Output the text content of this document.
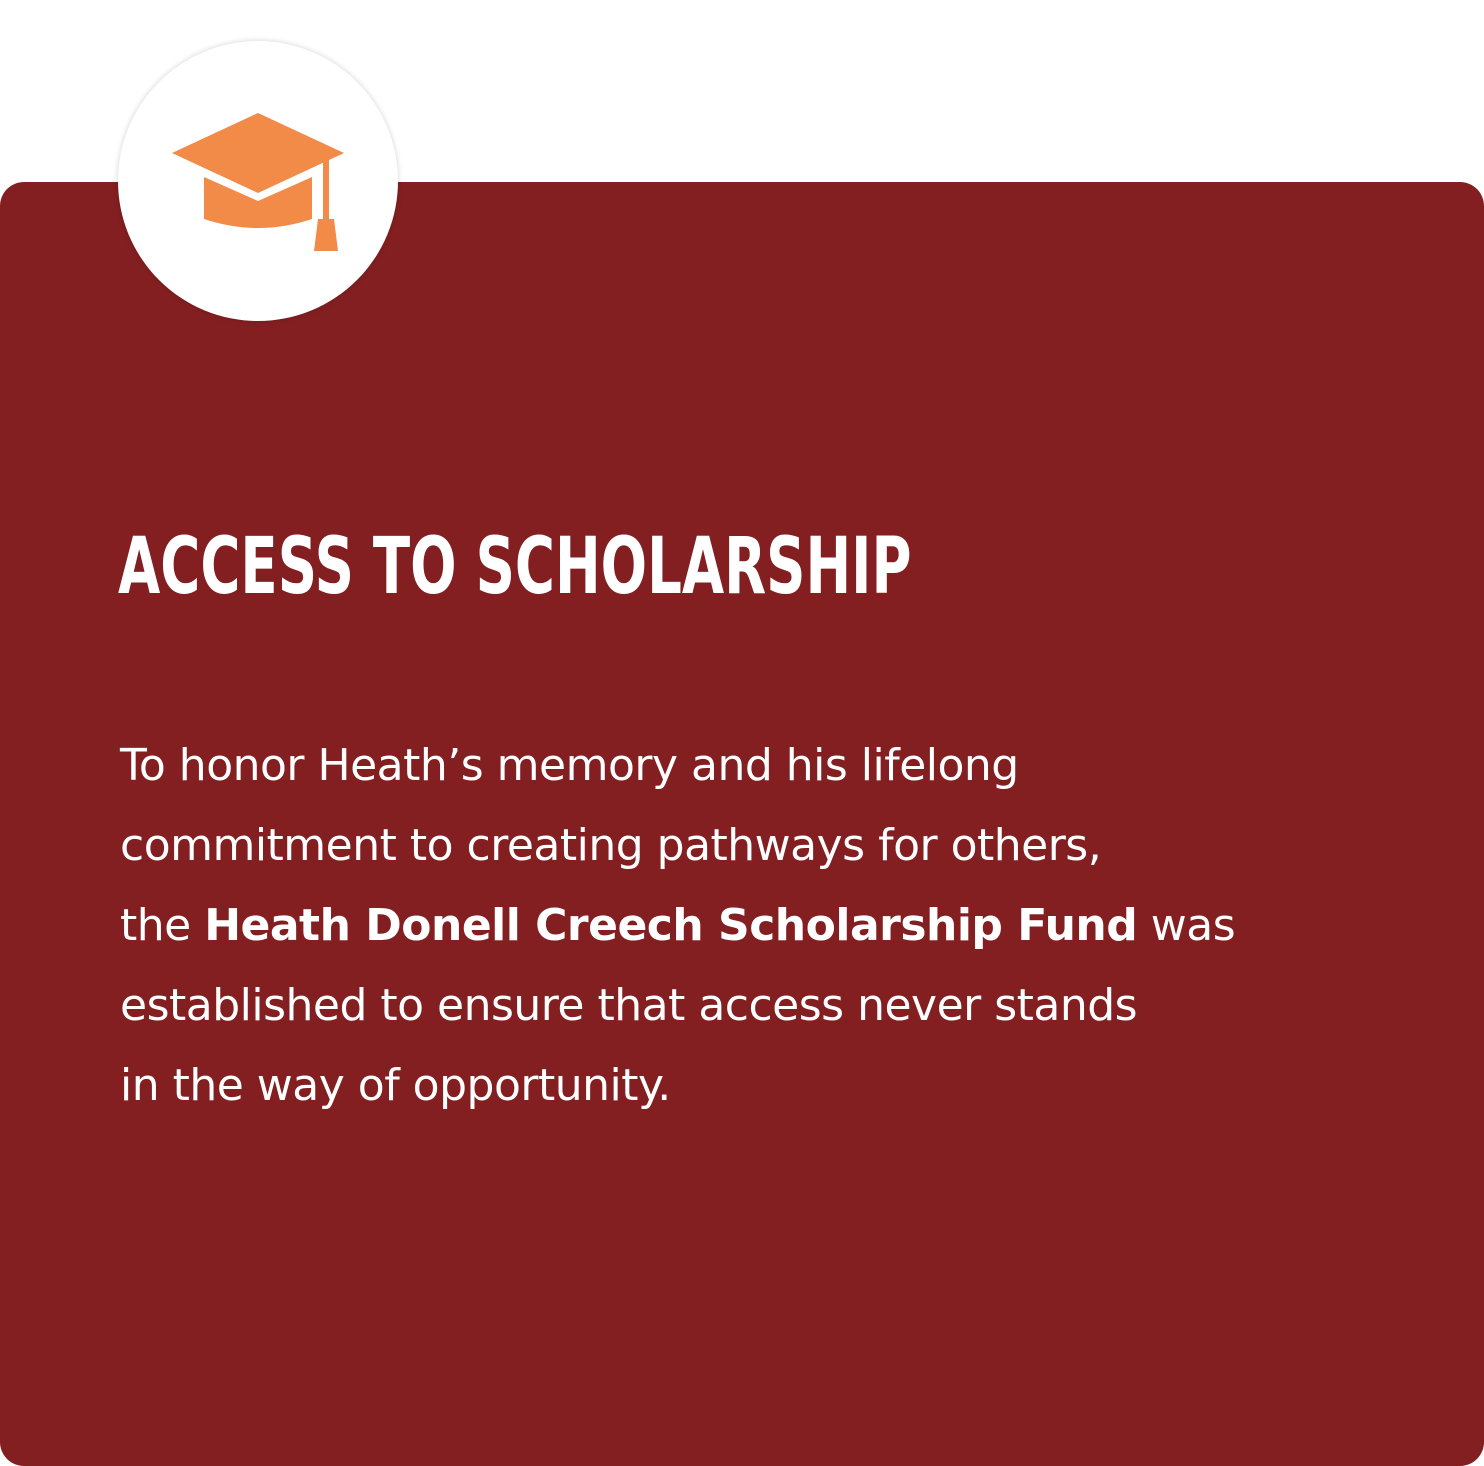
ACCESS TO SCHOLARSHIP

To honor Heath’s memory and his lifelong
commitment to creating pathways for others,
the Heath Donell Creech Scholarship Fund was
established to ensure that access never stands
in the way of opportunity.
